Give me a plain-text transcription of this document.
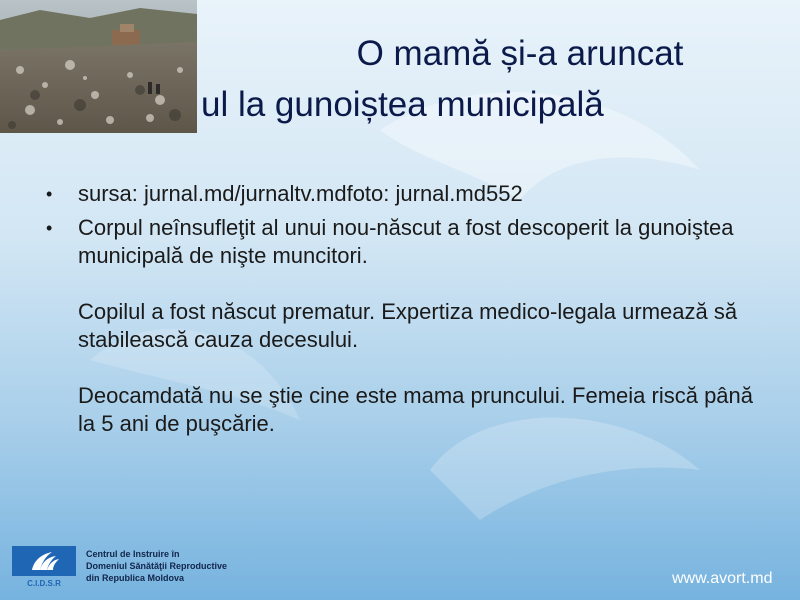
O mamă și-a aruncat
ul la gunoiștea municipală
•	sursa: jurnal.md/jurnaltv.mdfoto: jurnal.md552
•	Corpul neînsufleţit al unui nou-născut a fost descoperit la gunoiştea municipală de nişte muncitori.
Copilul a fost născut prematur. Expertiza medico-legala urmează să stabilească cauza decesului.
Deocamdată nu se ştie cine este mama pruncului. Femeia riscă până la 5 ani de puşcărie.
C.I.D.S.R
Centrul de Instruire în
Domeniul Sănătăţii Reproductive
din Republica Moldova	www.avort.md
